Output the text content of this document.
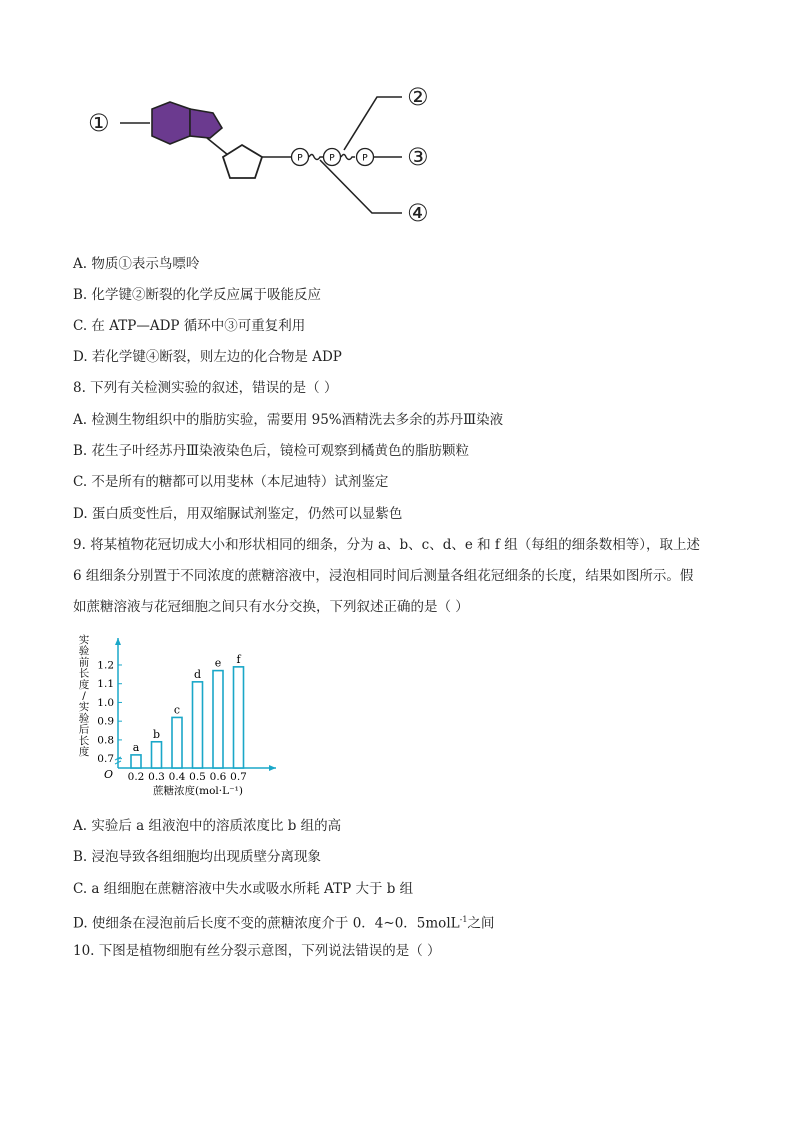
①
P	P	P
②
③
④
A. 物质①表示鸟嘌呤
B. 化学键②断裂的化学反应属于吸能反应
C. 在 ATP—ADP 循环中③可重复利用
D. 若化学键④断裂，则左边的化合物是 ADP
8. 下列有关检测实验的叙述，错误的是（ ）
A. 检测生物组织中的脂肪实验，需要用 95%酒精洗去多余的苏丹Ⅲ染液
B. 花生子叶经苏丹Ⅲ染液染色后，镜检可观察到橘黄色的脂肪颗粒
C. 不是所有的糖都可以用斐林（本尼迪特）试剂鉴定
D. 蛋白质变性后，用双缩脲试剂鉴定，仍然可以显紫色
9. 将某植物花冠切成大小和形状相同的细条，分为 a、b、c、d、e 和 f 组（每组的细条数相等），取上述
6 组细条分别置于不同浓度的蔗糖溶液中，浸泡相同时间后测量各组花冠细条的长度，结果如图所示。假
如蔗糖溶液与花冠细胞之间只有水分交换，下列叙述正确的是（ ）
O
0.7
0.8
0.9
1.0
1.1
1.2
实
验
前
长
度
/
实
验
后
长
度	a
0.2
b
0.3
c
0.4
d
0.5
e
0.6
f
0.7
蔗糖浓度(mol·L⁻¹)
A. 实验后 a 组液泡中的溶质浓度比 b 组的高
B. 浸泡导致各组细胞均出现质壁分离现象
C. a 组细胞在蔗糖溶液中失水或吸水所耗 ATP 大于 b 组
D. 使细条在浸泡前后长度不变的蔗糖浓度介于 0．4~0．5molL$^{-1}$之间
10. 下图是植物细胞有丝分裂示意图，下列说法错误的是（ ）
